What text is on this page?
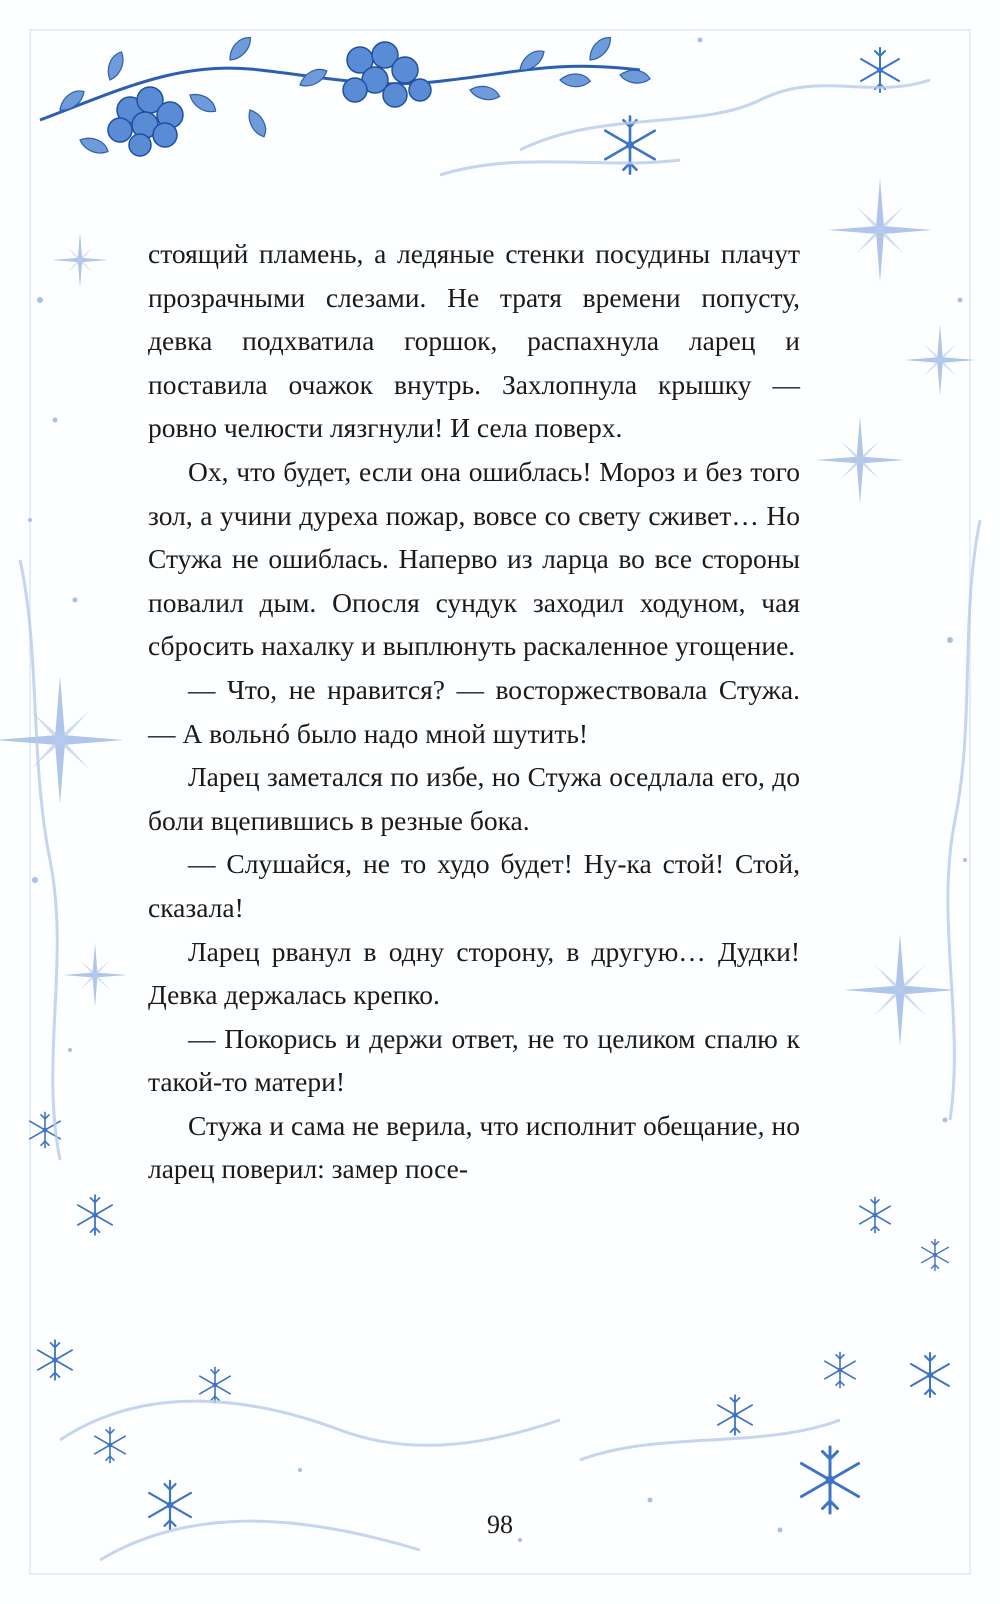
стоящий пламень, а ледяные стенки посудины плачут прозрачными слезами. Не тратя времени попусту, девка подхватила горшок, распахнула ларец и поставила очажок внутрь. Захлопнула крышку — ровно челюсти лязгнули! И села поверх.

Ох, что будет, если она ошиблась! Мороз и без того зол, а учини дуреха пожар, вовсе со свету сживет… Но Стужа не ошиблась. Наперво из ларца во все стороны повалил дым. Опосля сундук заходил ходуном, чая сбросить нахалку и выплюнуть раскаленное угощение.

— Что, не нравится? — восторжествовала Стужа. — А вольнó было надо мной шутить!

Ларец заметался по избе, но Стужа оседлала его, до боли вцепившись в резные бока.

— Слушайся, не то худо будет! Ну-ка стой! Стой, сказала!

Ларец рванул в одну сторону, в другую… Дудки! Девка держалась крепко.

— Покорись и держи ответ, не то целиком спалю к такой-то матери!

Стужа и сама не верила, что исполнит обещание, но ларец поверил: замер посе-

98
